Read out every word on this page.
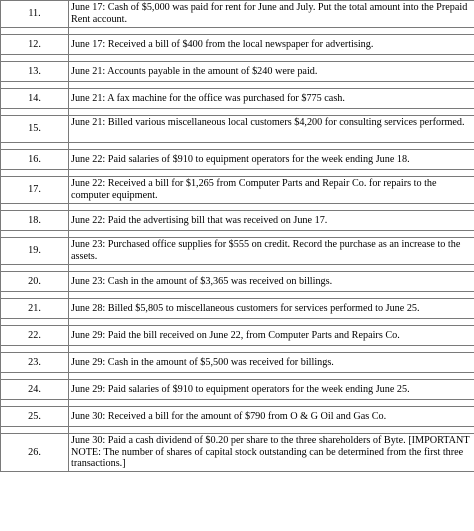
11.	June 17: Cash of $5,000 was paid for rent for June and July. Put the total amount into the Prepaid Rent account.

12.	June 17: Received a bill of $400 from the local newspaper for advertising.

13.	June 21: Accounts payable in the amount of $240 were paid.

14.	June 21: A fax machine for the office was purchased for $775 cash.

15.	June 21: Billed various miscellaneous local customers $4,200 for consulting services performed.

16.	June 22: Paid salaries of $910 to equipment operators for the week ending June 18.

17.	June 22: Received a bill for $1,265 from Computer Parts and Repair Co. for repairs to the computer equipment.

18.	June 22: Paid the advertising bill that was received on June 17.

19.	June 23: Purchased office supplies for $555 on credit. Record the purchase as an increase to the assets.

20.	June 23: Cash in the amount of $3,365 was received on billings.

21.	June 28: Billed $5,805 to miscellaneous customers for services performed to June 25.

22.	June 29: Paid the bill received on June 22, from Computer Parts and Repairs Co.

23.	June 29: Cash in the amount of $5,500 was received for billings.

24.	June 29: Paid salaries of $910 to equipment operators for the week ending June 25.

25.	June 30: Received a bill for the amount of $790 from O & G Oil and Gas Co.

26.	June 30: Paid a cash dividend of $0.20 per share to the three shareholders of Byte. [IMPORTANT NOTE: The number of shares of capital stock outstanding can be determined from the first three transactions.]
